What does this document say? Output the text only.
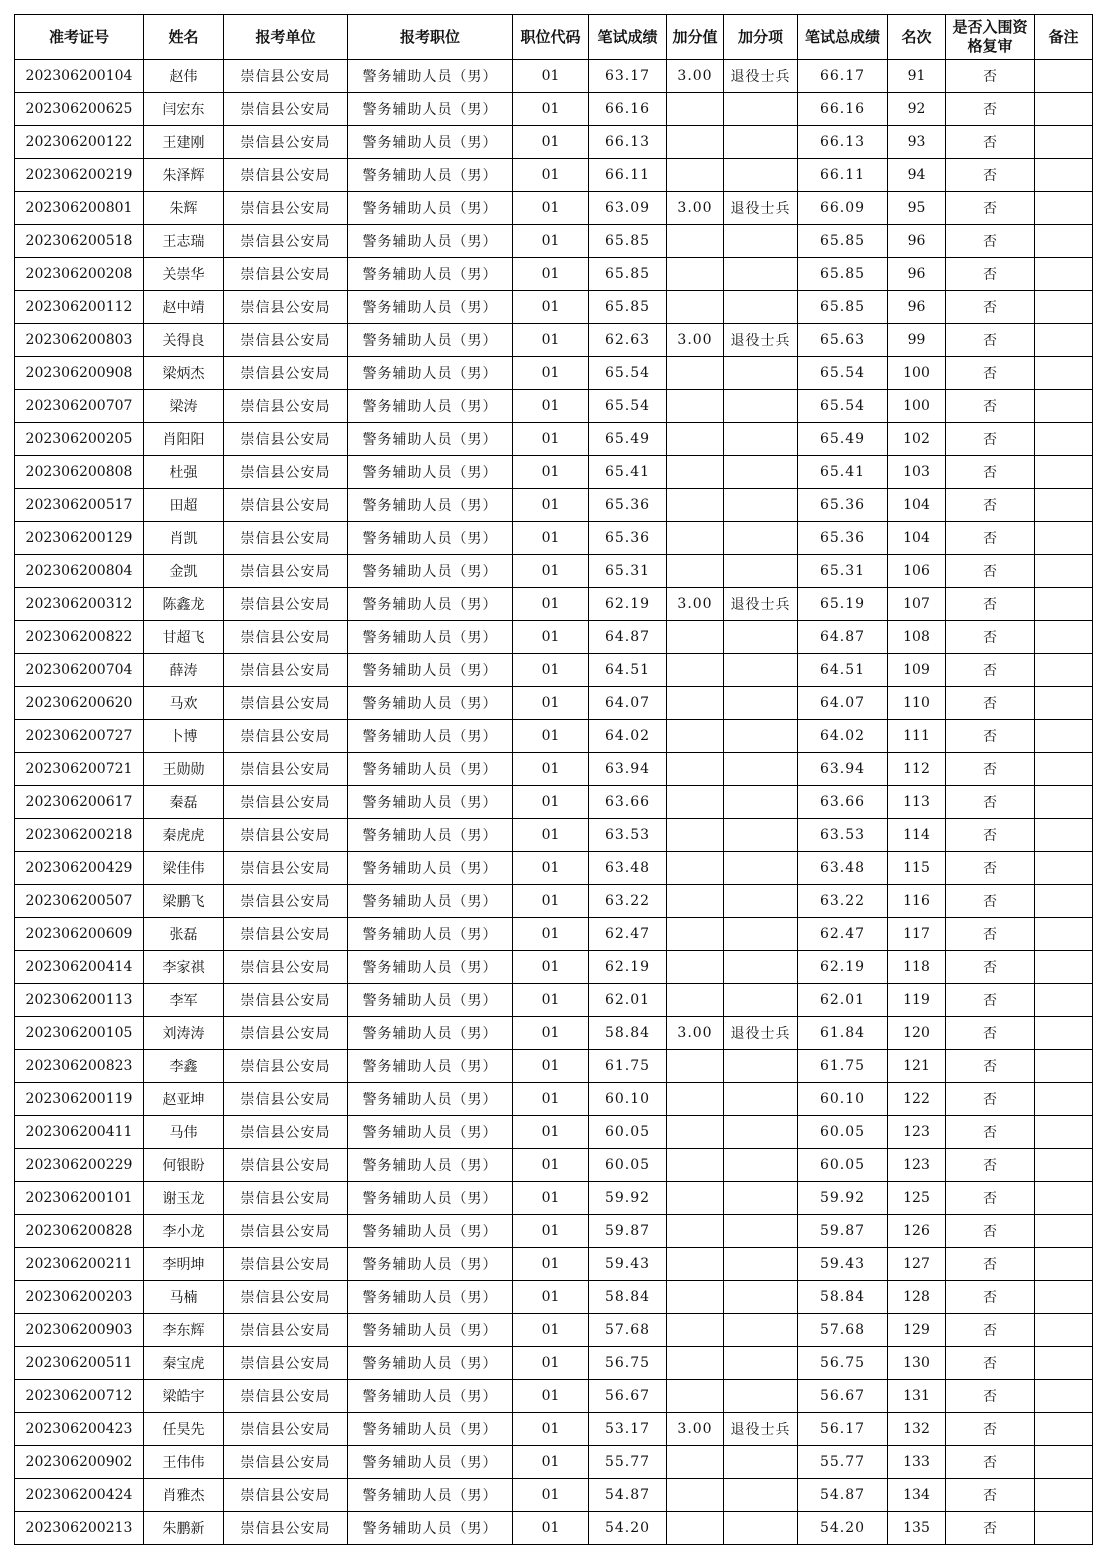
准考证号	姓名	报考单位	报考职位	职位代码	笔试成绩	加分值	加分项	笔试总成绩	名次	是否入围资格复审	备注
202306200104	赵伟	崇信县公安局	警务辅助人员（男）	01	63.17	3.00	退役士兵	66.17	91	否	
202306200625	闫宏东	崇信县公安局	警务辅助人员（男）	01	66.16			66.16	92	否	
202306200122	王建刚	崇信县公安局	警务辅助人员（男）	01	66.13			66.13	93	否	
202306200219	朱泽辉	崇信县公安局	警务辅助人员（男）	01	66.11			66.11	94	否	
202306200801	朱辉	崇信县公安局	警务辅助人员（男）	01	63.09	3.00	退役士兵	66.09	95	否	
202306200518	王志瑞	崇信县公安局	警务辅助人员（男）	01	65.85			65.85	96	否	
202306200208	关崇华	崇信县公安局	警务辅助人员（男）	01	65.85			65.85	96	否	
202306200112	赵中靖	崇信县公安局	警务辅助人员（男）	01	65.85			65.85	96	否	
202306200803	关得良	崇信县公安局	警务辅助人员（男）	01	62.63	3.00	退役士兵	65.63	99	否	
202306200908	梁炳杰	崇信县公安局	警务辅助人员（男）	01	65.54			65.54	100	否	
202306200707	梁涛	崇信县公安局	警务辅助人员（男）	01	65.54			65.54	100	否	
202306200205	肖阳阳	崇信县公安局	警务辅助人员（男）	01	65.49			65.49	102	否	
202306200808	杜强	崇信县公安局	警务辅助人员（男）	01	65.41			65.41	103	否	
202306200517	田超	崇信县公安局	警务辅助人员（男）	01	65.36			65.36	104	否	
202306200129	肖凯	崇信县公安局	警务辅助人员（男）	01	65.36			65.36	104	否	
202306200804	金凯	崇信县公安局	警务辅助人员（男）	01	65.31			65.31	106	否	
202306200312	陈鑫龙	崇信县公安局	警务辅助人员（男）	01	62.19	3.00	退役士兵	65.19	107	否	
202306200822	甘超飞	崇信县公安局	警务辅助人员（男）	01	64.87			64.87	108	否	
202306200704	薛涛	崇信县公安局	警务辅助人员（男）	01	64.51			64.51	109	否	
202306200620	马欢	崇信县公安局	警务辅助人员（男）	01	64.07			64.07	110	否	
202306200727	卜博	崇信县公安局	警务辅助人员（男）	01	64.02			64.02	111	否	
202306200721	王勋勋	崇信县公安局	警务辅助人员（男）	01	63.94			63.94	112	否	
202306200617	秦磊	崇信县公安局	警务辅助人员（男）	01	63.66			63.66	113	否	
202306200218	秦虎虎	崇信县公安局	警务辅助人员（男）	01	63.53			63.53	114	否	
202306200429	梁佳伟	崇信县公安局	警务辅助人员（男）	01	63.48			63.48	115	否	
202306200507	梁鹏飞	崇信县公安局	警务辅助人员（男）	01	63.22			63.22	116	否	
202306200609	张磊	崇信县公安局	警务辅助人员（男）	01	62.47			62.47	117	否	
202306200414	李家祺	崇信县公安局	警务辅助人员（男）	01	62.19			62.19	118	否	
202306200113	李军	崇信县公安局	警务辅助人员（男）	01	62.01			62.01	119	否	
202306200105	刘涛涛	崇信县公安局	警务辅助人员（男）	01	58.84	3.00	退役士兵	61.84	120	否	
202306200823	李鑫	崇信县公安局	警务辅助人员（男）	01	61.75			61.75	121	否	
202306200119	赵亚坤	崇信县公安局	警务辅助人员（男）	01	60.10			60.10	122	否	
202306200411	马伟	崇信县公安局	警务辅助人员（男）	01	60.05			60.05	123	否	
202306200229	何银盼	崇信县公安局	警务辅助人员（男）	01	60.05			60.05	123	否	
202306200101	谢玉龙	崇信县公安局	警务辅助人员（男）	01	59.92			59.92	125	否	
202306200828	李小龙	崇信县公安局	警务辅助人员（男）	01	59.87			59.87	126	否	
202306200211	李明坤	崇信县公安局	警务辅助人员（男）	01	59.43			59.43	127	否	
202306200203	马楠	崇信县公安局	警务辅助人员（男）	01	58.84			58.84	128	否	
202306200903	李东辉	崇信县公安局	警务辅助人员（男）	01	57.68			57.68	129	否	
202306200511	秦宝虎	崇信县公安局	警务辅助人员（男）	01	56.75			56.75	130	否	
202306200712	梁皓宇	崇信县公安局	警务辅助人员（男）	01	56.67			56.67	131	否	
202306200423	任昊先	崇信县公安局	警务辅助人员（男）	01	53.17	3.00	退役士兵	56.17	132	否	
202306200902	王伟伟	崇信县公安局	警务辅助人员（男）	01	55.77			55.77	133	否	
202306200424	肖雅杰	崇信县公安局	警务辅助人员（男）	01	54.87			54.87	134	否	
202306200213	朱鹏新	崇信县公安局	警务辅助人员（男）	01	54.20			54.20	135	否	
